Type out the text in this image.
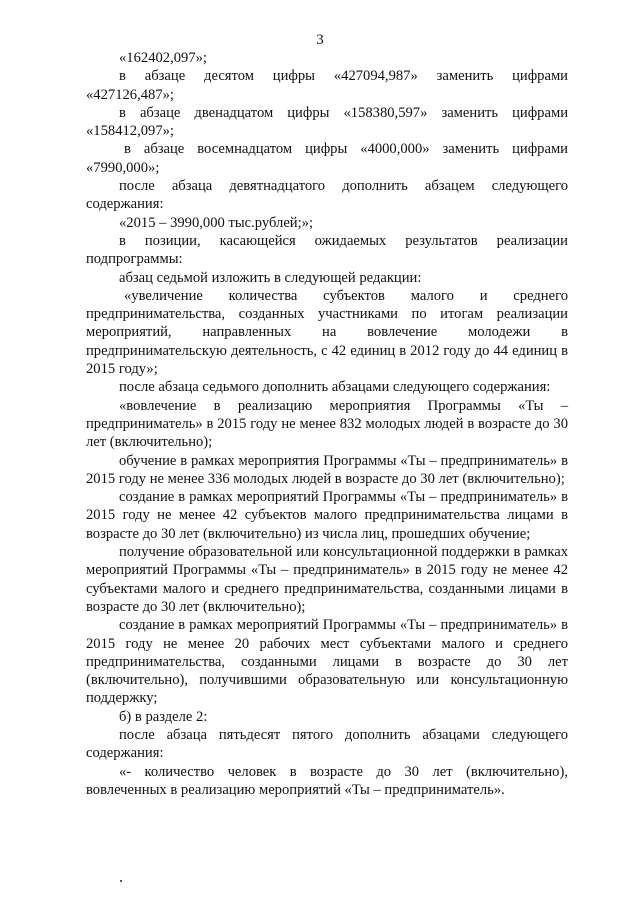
3

«162402,097»;

в абзаце десятом цифры «427094,987» заменить цифрами «427126,487»;

в абзаце двенадцатом цифры «158380,597» заменить цифрами «158412,097»;

в абзаце восемнадцатом цифры «4000,000» заменить цифрами «7990,000»;

после абзаца девятнадцатого дополнить абзацем следующего содержания:

«2015 – 3990,000 тыс.рублей;»;

в позиции, касающейся ожидаемых результатов реализации подпрограммы:

абзац седьмой изложить в следующей редакции:

«увеличение количества субъектов малого и среднего предпринимательства, созданных участниками по итогам реализации мероприятий, направленных на вовлечение молодежи в предпринимательскую деятельность, с 42 единиц в 2012 году до 44 единиц в 2015 году»;

после абзаца седьмого дополнить абзацами следующего содержания:

«вовлечение в реализацию мероприятия Программы «Ты – предприниматель» в 2015 году не менее 832 молодых людей в возрасте до 30 лет (включительно);

обучение в рамках мероприятия Программы «Ты – предприниматель» в 2015 году не менее 336 молодых людей в возрасте до 30 лет (включительно);

создание в рамках мероприятий Программы «Ты – предприниматель» в 2015 году не менее 42 субъектов малого предпринимательства лицами в возрасте до 30 лет (включительно) из числа лиц, прошедших обучение;

получение образовательной или консультационной поддержки в рамках мероприятий Программы «Ты – предприниматель» в 2015 году не менее 42 субъектами малого и среднего предпринимательства, созданными лицами в возрасте до 30 лет (включительно);

создание в рамках мероприятий Программы «Ты – предприниматель» в 2015 году не менее 20 рабочих мест субъектами малого и среднего предпринимательства, созданными лицами в возрасте до 30 лет (включительно), получившими образовательную или консультационную поддержку;

б) в разделе 2:

после абзаца пятьдесят пятого дополнить абзацами следующего содержания:

«- количество человек в возрасте до 30 лет (включительно), вовлеченных в реализацию мероприятий «Ты – предприниматель».
